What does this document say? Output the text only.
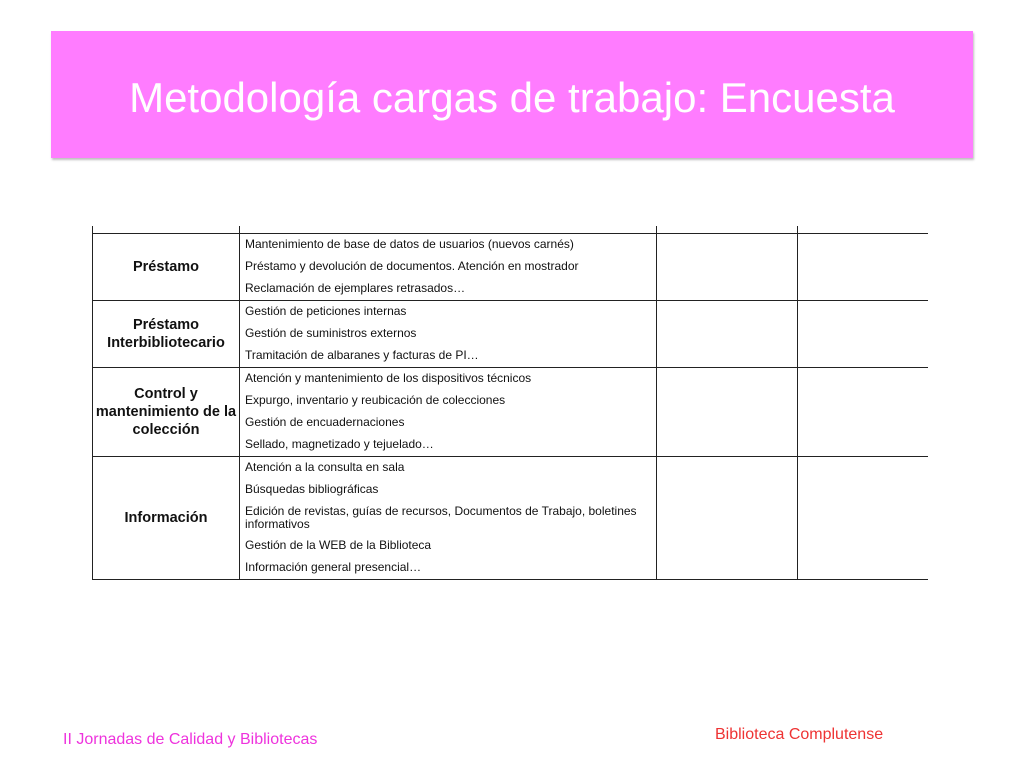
Metodología cargas de trabajo: Encuesta

Préstamo	Mantenimiento de base de datos de usuarios (nuevos carnés)
Préstamo y devolución de documentos. Atención en mostrador
Reclamación de ejemplares retrasados…		

Préstamo Interbibliotecario	Gestión de peticiones internas
Gestión de suministros externos
Tramitación de albaranes y facturas de PI…		

Control y mantenimiento de la colección	Atención y mantenimiento de los dispositivos técnicos
Expurgo, inventario y reubicación de colecciones
Gestión de encuadernaciones
Sellado, magnetizado y tejuelado…		

Información	Atención a la consulta en sala
Búsquedas bibliográficas
Edición de revistas, guías de recursos, Documentos de Trabajo, boletines informativos
Gestión de la WEB de la Biblioteca
Información general presencial…		

II Jornadas de Calidad y Bibliotecas	Biblioteca Complutense
